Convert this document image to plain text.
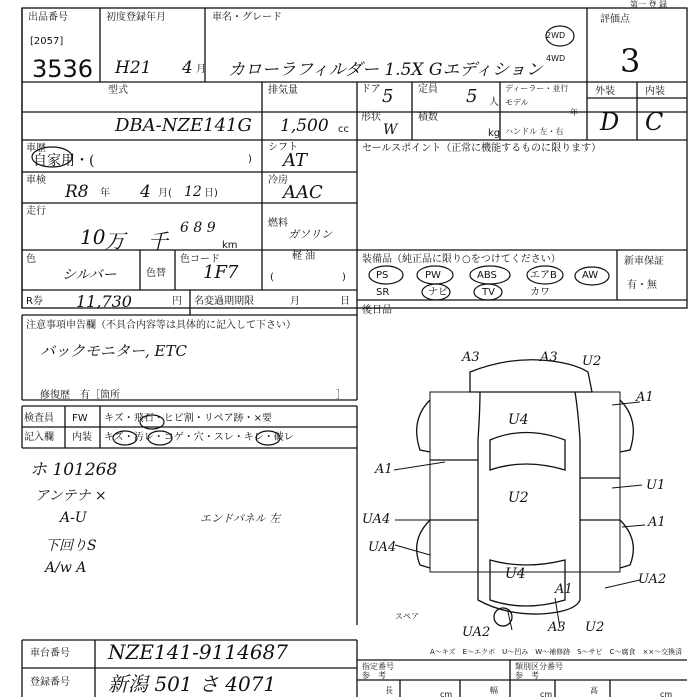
出品番号
[2057]
3536
初度登録年月
H21 4 月
車名・グレード
カローラフィルダー 1.5X Gエディション
2WD
4WD
評価点
第一 登 録
3
外装	内装
D C
型式
DBA-NZE141G
排気量
1,500 cc
ドア 5 定員 5 人
形状
W
積数
kg
ディーラー・並行
モデル
年
ハンドル 左・右
車歴
自家用・(	)
シフト
AT
車検
R8 年 4 月( 12 日)
冷房
AAC
走行
10 万 千
6 8 9
km
燃料
ガソリン
軽 油
(	)
色
シルバー	色替
色コード
1F7
R券 11,730	円 名変過期期限	月	日
注意事項申告欄（不具合内容等は具体的に記入して下さい）
バックモニター, ETC
修復歴　有［箇所	］
検査員
記入欄
FW キズ・飛石・ヒビ割・リペア跡・×要
内装 キズ・汚レ・コゲ・穴・スレ・キレ・破レ
ホ 101268
アンテナ ×
A-U
下回りS
A/w A
エンドパネル 左
セールスポイント（正常に機能するものに限ります）
装備品（純正品に限り○をつけてください）	新車保証
有・無
PS	PW	ABS	エアB	AW
SR	ナビ	TV	カワ
後日品
A3	A3 U2
A1
U4
A1
U1
U2
A1
UA4
UA4
U4
A1
UA2
UA2	A3 U2
スペア
A～キズ　E～エクボ　U～凹み　W～補修跡　S～サビ　C～腐食　××～交換済
車台番号 NZE141-9114687
登録番号 新潟 501 さ 4071
指定番号
参　考
類別区分番号
参　考
長	cm	幅	cm	高	cm
